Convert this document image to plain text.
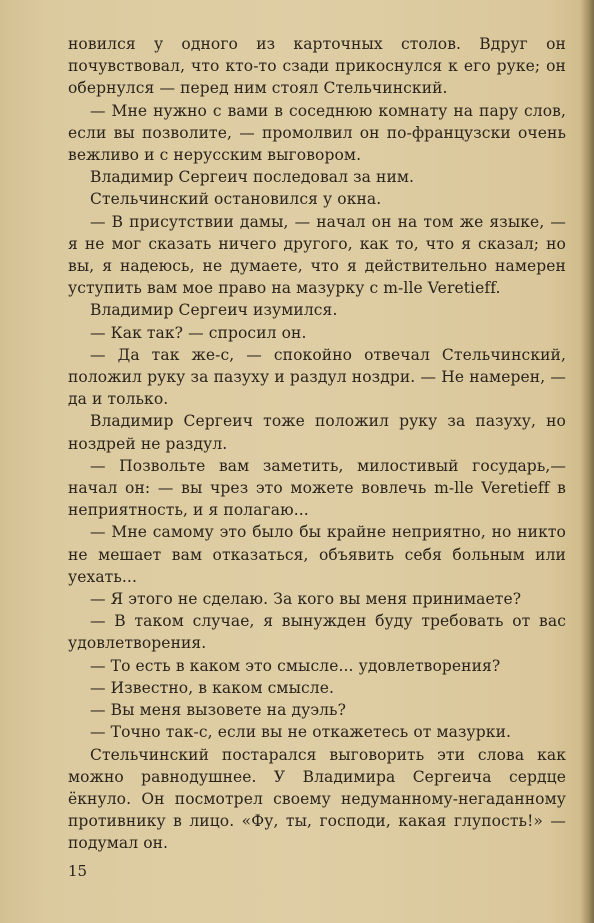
новился у одного из карточных столов. Вдруг он почувствовал, что кто-то сзади прикоснулся к его руке; он обернулся — перед ним стоял Стельчинский.

— Мне нужно с вами в соседнюю комнату на пару слов, если вы позволите, — промолвил он по-французски очень вежливо и с нерусским выговором.

Владимир Сергеич последовал за ним.

Стельчинский остановился у окна.

— В присутствии дамы, — начал он на том же языке, — я не мог сказать ничего другого, как то, что я сказал; но вы, я надеюсь, не думаете, что я действительно намерен уступить вам мое право на мазурку с m-lle Veretieff.

Владимир Сергеич изумился.

— Как так? — спросил он.

— Да так же-с, — спокойно отвечал Стельчинский, положил руку за пазуху и раздул ноздри. — Не намерен, — да и только.

Владимир Сергеич тоже положил руку за пазуху, но ноздрей не раздул.

— Позвольте вам заметить, милостивый государь,— начал он: — вы чрез это можете вовлечь m-lle Veretieff в неприятность, и я полагаю...

— Мне самому это было бы крайне неприятно, но никто не мешает вам отказаться, объявить себя больным или уехать...

— Я этого не сделаю. За кого вы меня принимаете?

— В таком случае, я вынужден буду требовать от вас удовлетворения.

— То есть в каком это смысле... удовлетворения?

— Известно, в каком смысле.

— Вы меня вызовете на дуэль?

— Точно так-с, если вы не откажетесь от мазурки.

Стельчинский постарался выговорить эти слова как можно равнодушнее. У Владимира Сергеича сердце ёкнуло. Он посмотрел своему нeдумaннoму-нeгaдaннoму противнику в лицо. «Фу, ты, господи, какая глупость!» — подумал он.

15
